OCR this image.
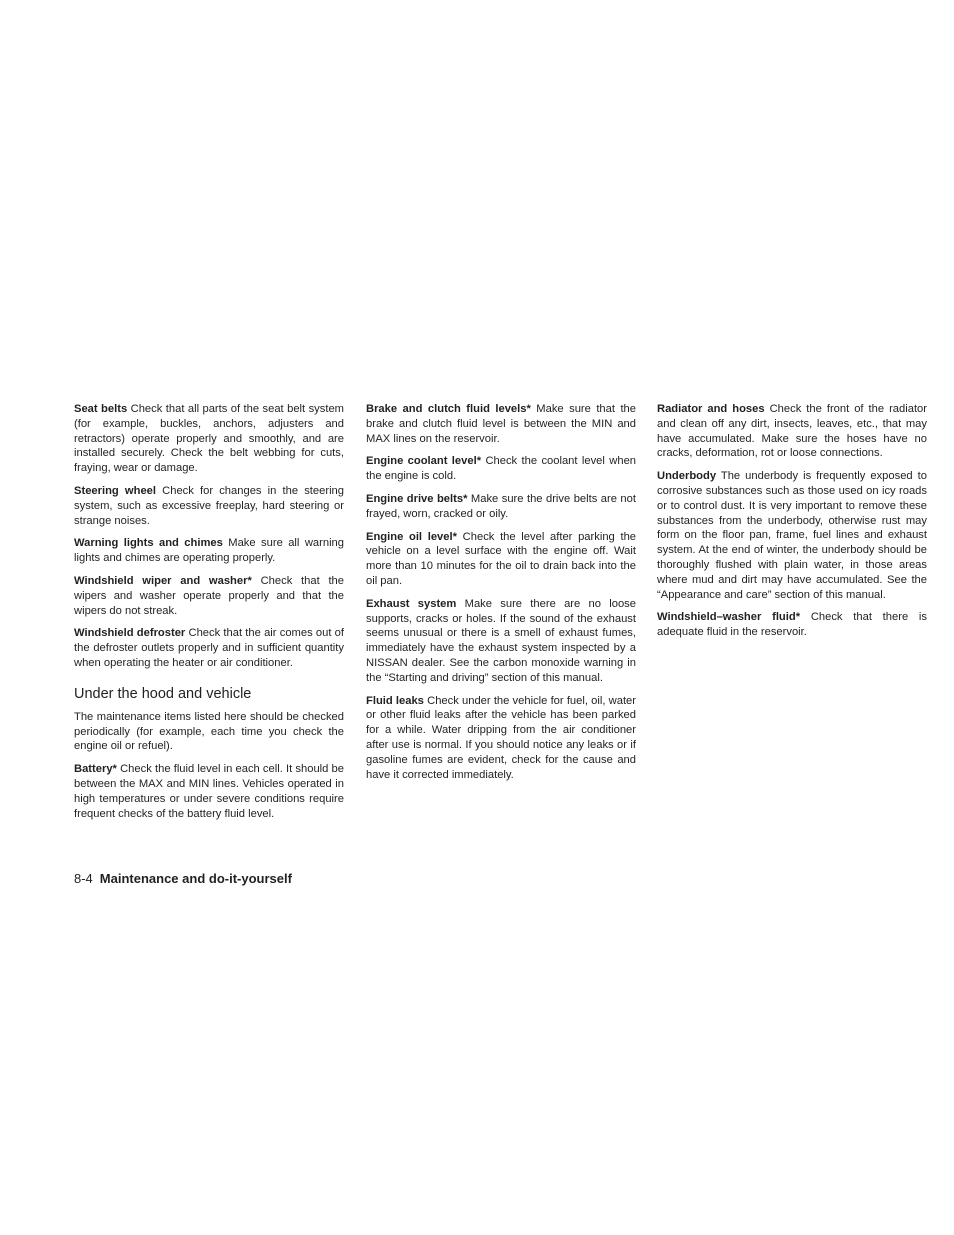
Seat belts Check that all parts of the seat belt system (for example, buckles, anchors, adjusters and retractors) operate properly and smoothly, and are installed securely. Check the belt webbing for cuts, fraying, wear or damage.

Steering wheel Check for changes in the steering system, such as excessive freeplay, hard steering or strange noises.

Warning lights and chimes Make sure all warning lights and chimes are operating properly.

Windshield wiper and washer* Check that the wipers and washer operate properly and that the wipers do not streak.

Windshield defroster Check that the air comes out of the defroster outlets properly and in sufficient quantity when operating the heater or air conditioner.

Under the hood and vehicle

The maintenance items listed here should be checked periodically (for example, each time you check the engine oil or refuel).

Battery* Check the fluid level in each cell. It should be between the MAX and MIN lines. Vehicles operated in high temperatures or under severe conditions require frequent checks of the battery fluid level.

Brake and clutch fluid levels* Make sure that the brake and clutch fluid level is between the MIN and MAX lines on the reservoir.

Engine coolant level* Check the coolant level when the engine is cold.

Engine drive belts* Make sure the drive belts are not frayed, worn, cracked or oily.

Engine oil level* Check the level after parking the vehicle on a level surface with the engine off. Wait more than 10 minutes for the oil to drain back into the oil pan.

Exhaust system Make sure there are no loose supports, cracks or holes. If the sound of the exhaust seems unusual or there is a smell of exhaust fumes, immediately have the exhaust system inspected by a NISSAN dealer. See the carbon monoxide warning in the “Starting and driving” section of this manual.

Fluid leaks Check under the vehicle for fuel, oil, water or other fluid leaks after the vehicle has been parked for a while. Water dripping from the air conditioner after use is normal. If you should notice any leaks or if gasoline fumes are evident, check for the cause and have it corrected immediately.

Radiator and hoses Check the front of the radiator and clean off any dirt, insects, leaves, etc., that may have accumulated. Make sure the hoses have no cracks, deformation, rot or loose connections.

Underbody The underbody is frequently exposed to corrosive substances such as those used on icy roads or to control dust. It is very important to remove these substances from the underbody, otherwise rust may form on the floor pan, frame, fuel lines and exhaust system. At the end of winter, the underbody should be thoroughly flushed with plain water, in those areas where mud and dirt may have accumulated. See the “Appearance and care” section of this manual.

Windshield–washer fluid* Check that there is adequate fluid in the reservoir.

8-4 Maintenance and do-it-yourself
